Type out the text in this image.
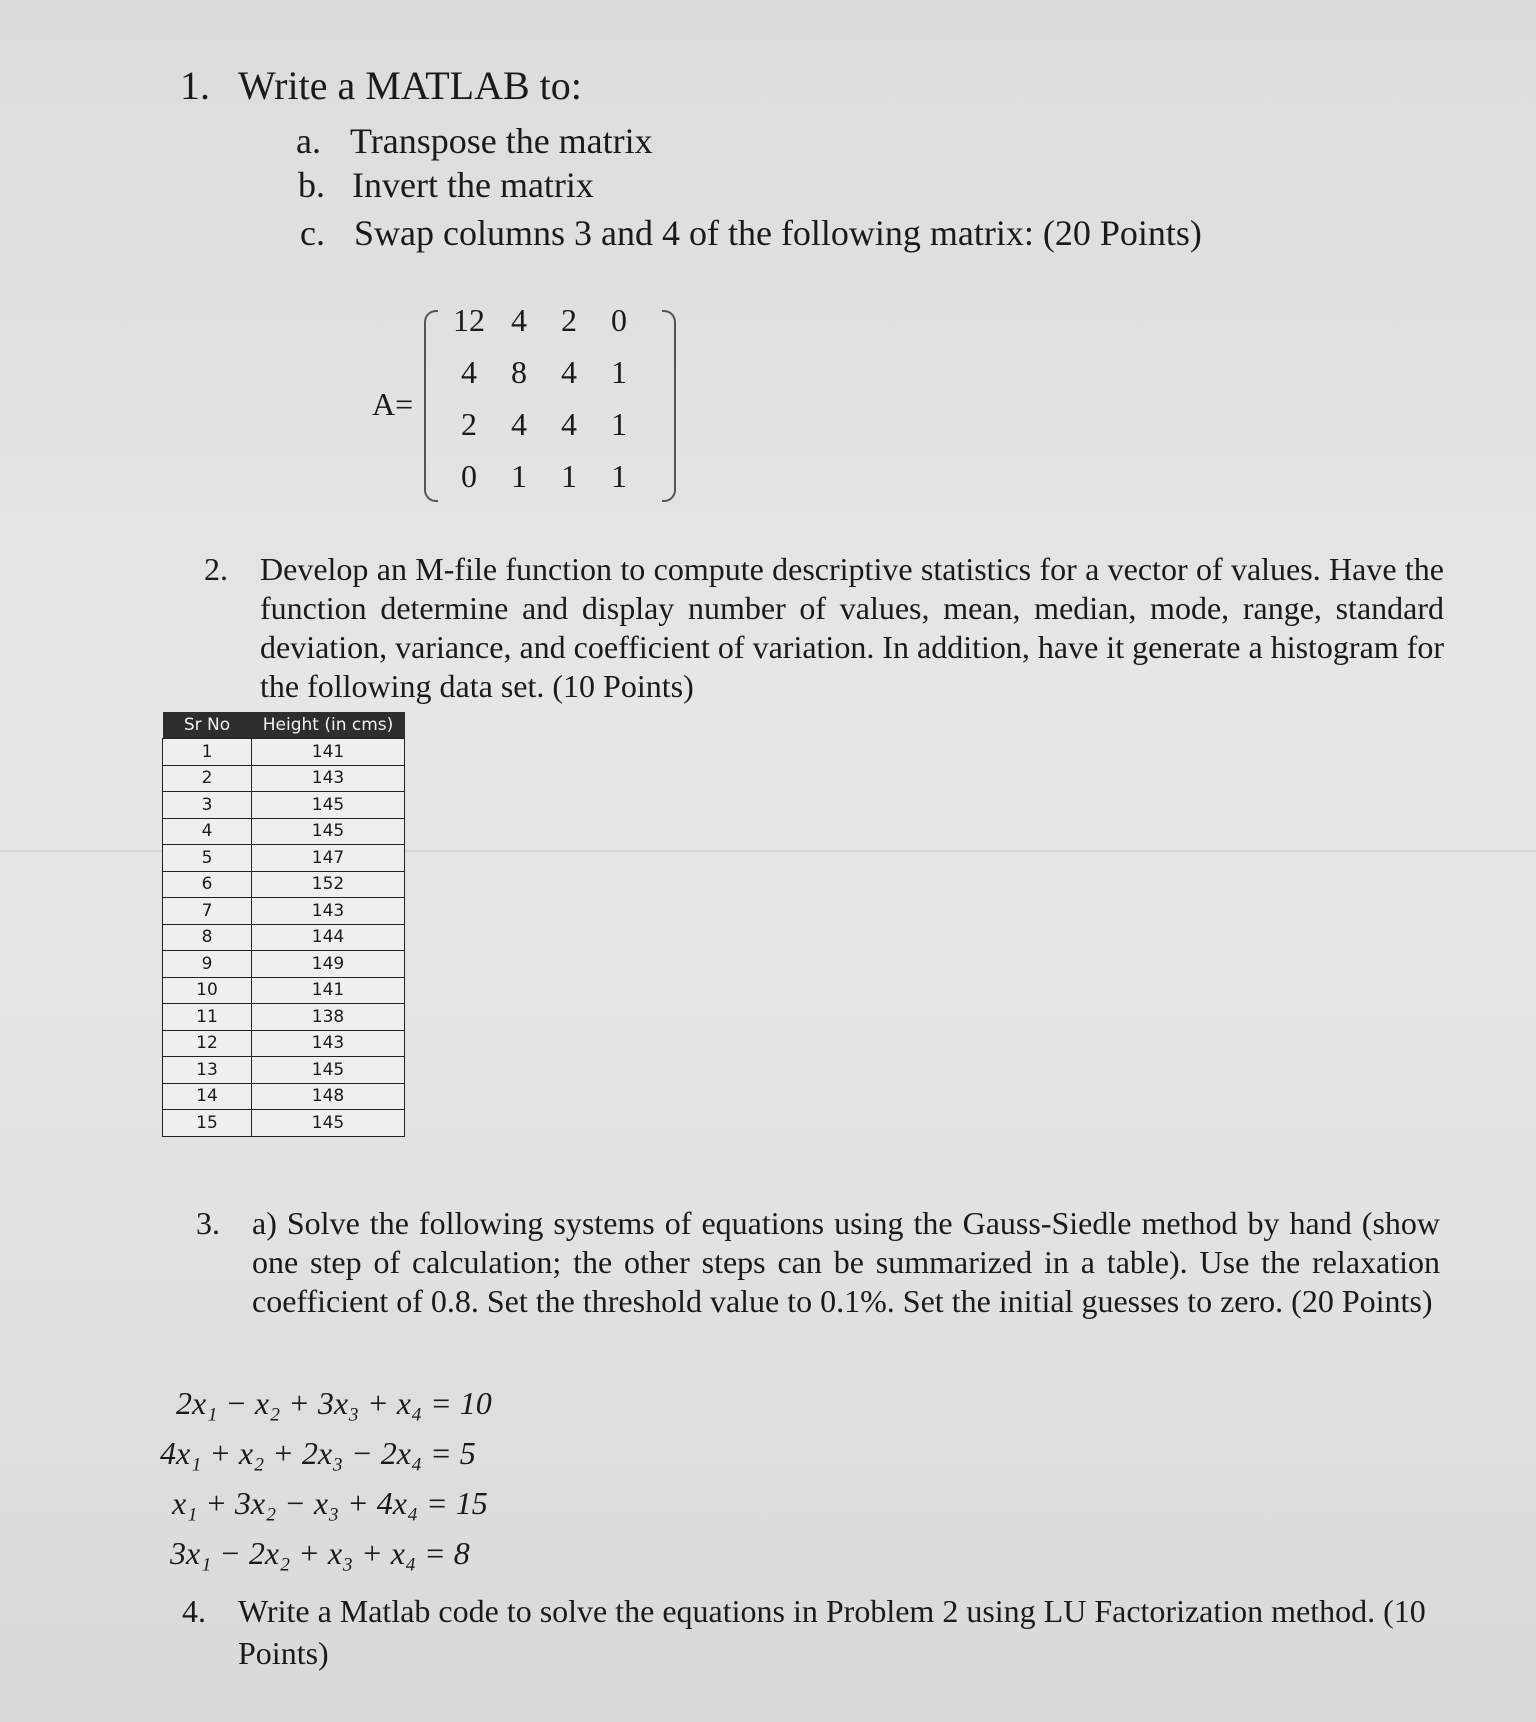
1. Write a MATLAB to:
a. Transpose the matrix
b. Invert the matrix
c. Swap columns 3 and 4 of the following matrix: (20 Points)
A=
12 4	2	0
4	8	4	1
2	4	4	1
0	1	1	1
2.	Develop an M-file function to compute descriptive statistics for a vector of values. Have the function determine and display number of values, mean, median, mode, range, standard deviation, variance, and coefficient of variation. In addition, have it generate a histogram for the following data set. (10 Points)
Sr No	Height (in cms)
1	141
2	143
3	145
4	145
5	147
6	152
7	143
8	144
9	149
10	141
11	138
12	143
13	145
14	148
15	145
3.	a) Solve the following systems of equations using the Gauss-Siedle method by hand (show one step of calculation; the other steps can be summarized in a table). Use the relaxation coefficient of 0.8. Set the threshold value to 0.1%. Set the initial guesses to zero. (20 Points)
2x₁ − x₂ + 3x₃ + x₄ = 10
4x₁ + x₂ + 2x₃ − 2x₄ = 5
x₁ + 3x₂ − x₃ + 4x₄ = 15
3x₁ − 2x₂ + x₃ + x₄ = 8
4.	Write a Matlab code to solve the equations in Problem 2 using LU Factorization method. (10 Points)
